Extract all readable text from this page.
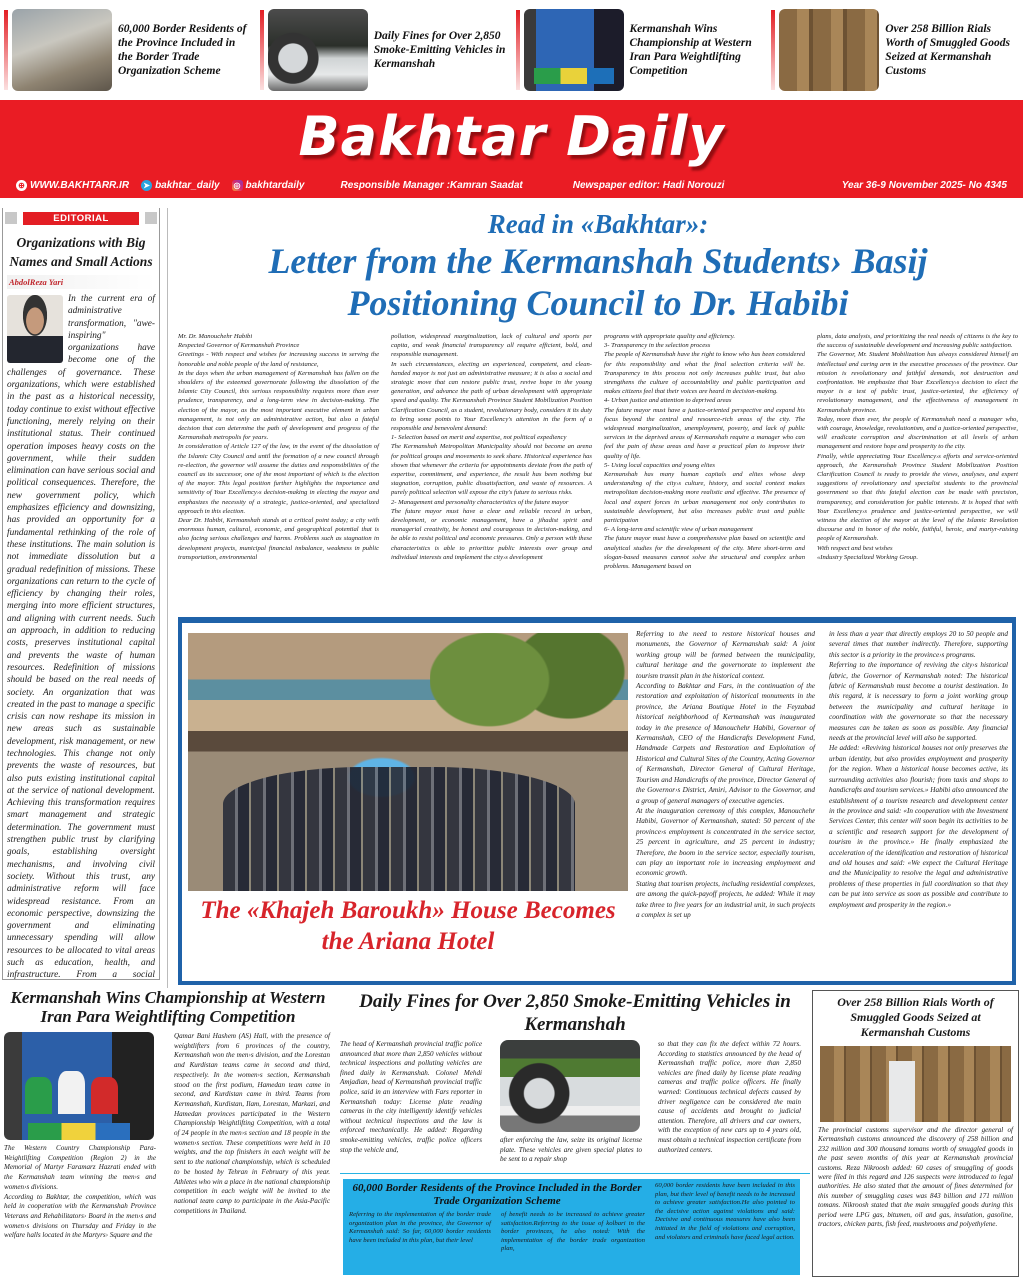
60,000 Border Residents of the Province Included in the Border Trade Organization Scheme
Daily Fines for Over 2,850 Smoke-Emitting Vehicles in Kermanshah
Kermanshah Wins Championship at Western Iran Para Weightlifting Competition
Over 258 Billion Rials Worth of Smuggled Goods Seized at Kermanshah Customs
Bakhtar Daily
⊕ WWW.BAKHTARR.IR ➤ bakhtar_daily ◎ bakhtardaily	Responsible Manager :Kamran Saadat	Newspaper editor: Hadi Norouzi	Year 36-9 November 2025- No 4345
EDITORIAL
Organizations with Big Names and Small Actions
AbdolReza Yari
In the current era of administrative transformation, "awe-inspiring" organizations have become one of the challenges of governance. These organizations, which were established in the past as a historical necessity, today continue to exist without effective functioning, merely relying on their institutional status. Their continued operation imposes heavy costs on the government, while their sudden elimination can have serious social and political consequences. Therefore, the new government policy, which emphasizes efficiency and downsizing, has provided an opportunity for a fundamental rethinking of the role of these institutions. The main solution is not immediate dissolution but a gradual redefinition of missions. These organizations can return to the cycle of efficiency by changing their roles, merging into more efficient structures, and aligning with current needs. Such an approach, in addition to reducing costs, preserves institutional capital and prevents the waste of human resources. Redefinition of missions should be based on the real needs of society. An organization that was created in the past to manage a specific crisis can now reshape its mission in new areas such as sustainable development, risk management, or new technologies. This change not only prevents the waste of resources, but also puts existing institutional capital at the service of national development. Achieving this transformation requires smart management and strategic determination. The government must strengthen public trust by clarifying goals, establishing oversight mechanisms, and involving civil society. Without this trust, any administrative reform will face widespread resistance. From an economic perspective, downsizing the government and eliminating unnecessary spending will allow resources to be allocated to vital areas such as education, health, and infrastructure. From a social
Read in «Bakhtar»:
Letter from the Kermanshah Students› Basij Positioning Council to Dr. Habibi
Mr. Dr. Manouchehr Habibi
Respected Governor of Kermanshah Province
Greetings - With respect and wishes for increasing success in serving the honorable and noble people of the land of resistance,
In the days when the urban management of Kermanshah has fallen on the shoulders of the esteemed governorate following the dissolution of the Islamic City Council, this serious responsibility requires more than ever prudence, transparency, and a long-term view in decision-making. The election of the mayor, as the most important executive element in urban management, is not only an administrative action, but also a fateful decision that can determine the path of development and progress of the Kermanshah metropolis for years.
In consideration of Article 127 of the law, in the event of the dissolution of the Islamic City Council and until the formation of a new council through re-election, the governor will assume the duties and responsibilities of the council as its successor, one of the most important of which is the election of the mayor. This legal position further highlights the importance and sensitivity of Your Excellency›s decision-making in electing the mayor and emphasizes the necessity of a strategic, justice-oriented, and specialized approach in this election.
Dear Dr. Habibi, Kermanshah stands at a critical point today; a city with enormous human, cultural, economic, and geographical potential that is also facing serious challenges and harms. Problems such as stagnation in development projects, municipal financial imbalance, weakness in public transportation, environmental
pollution, widespread marginalization, lack of cultural and sports per capita, and weak financial transparency all require efficient, bold, and responsible management.
In such circumstances, electing an experienced, competent, and clean-handed mayor is not just an administrative measure; it is also a social and strategic move that can restore public trust, revive hope in the young generation, and advance the path of urban development with appropriate speed and quality. The Kermanshah Province Student Mobilization Position Clarification Council, as a student, revolutionary body, considers it its duty to bring some points to Your Excellency's attention in the form of a responsible and benevolent demand:
1- Selection based on merit and expertise, not political expediency
The Kermanshah Metropolitan Municipality should not become an arena for political groups and movements to seek share. Historical experience has shown that whenever the criteria for appointments deviate from the path of expertise, commitment, and experience, the result has been nothing but stagnation, corruption, public dissatisfaction, and waste of resources. A purely political selection will expose the city's future to serious risks.
2- Management and personality characteristics of the future mayor
The future mayor must have a clear and reliable record in urban, development, or economic management, have a jihadist spirit and managerial creativity, be honest and courageous in decision-making, and be able to resist political and economic pressures. Only a person with these characteristics is able to prioritize public interests over group and individual interests and implement the city›s development
programs with appropriate quality and efficiency.
3- Transparency in the selection process
The people of Kermanshah have the right to know who has been considered for this responsibility and what the final selection criteria will be. Transparency in this process not only increases public trust, but also strengthens the culture of accountability and public participation and makes citizens feel that their voices are heard in decision-making.
4- Urban justice and attention to deprived areas
The future mayor must have a justice-oriented perspective and expand his focus beyond the central and resource-rich areas of the city. The widespread marginalization, unemployment, poverty, and lack of public services in the deprived areas of Kermanshah require a manager who can feel the pain of these areas and have a practical plan to improve their quality of life.
5- Using local capacities and young elites
Kermanshah has many human capitals and elites whose deep understanding of the city›s culture, history, and social context makes metropolitan decision-making more realistic and effective. The presence of local and expert forces in urban management not only contributes to sustainable development, but also increases public trust and public participation
6- A long-term and scientific view of urban management
The future mayor must have a comprehensive plan based on scientific and analytical studies for the development of the city. Mere short-term and slogan-based measures cannot solve the structural and complex urban problems. Management based on
plans, data analysis, and prioritizing the real needs of citizens is the key to the success of sustainable development and increasing public satisfaction.
The Governor, Mr. Student Mobilization has always considered himself an intellectual and caring arm in the executive processes of the province. Our mission is revolutionary and faithful demands, not destruction and confrontation. We emphasize that Your Excellency›s decision to elect the mayor is a test of public trust, justice-oriented, the efficiency of revolutionary management, and the effectiveness of management in Kermanshah province.
Today, more than ever, the people of Kermanshah need a manager who, with courage, knowledge, revolutionism, and a justice-oriented perspective, will eradicate corruption and discrimination at all levels of urban management and restore hope and prosperity to the city.
Finally, while appreciating Your Excellency›s efforts and service-oriented approach, the Kermanshah Province Student Mobilization Position Clarification Council is ready to provide the views, analyses, and expert suggestions of revolutionary and specialist students to the provincial government so that this fateful election can be made with precision, transparency, and consideration for public interests. It is hoped that with Your Excellency›s prudence and justice-oriented perspective, we will witness the election of the mayor at the level of the Islamic Revolution discourse and in honor of the noble, faithful, heroic, and martyr-raising people of Kermanshah.
With respect and best wishes
«Industry Specialized Working Group.
The «Khajeh Baroukh» House Becomes the Ariana Hotel
Referring to the need to restore historical houses and monuments, the Governor of Kermanshah said: A joint working group will be formed between the municipality, cultural heritage and the governorate to implement the tourism transit plan in the historical context.
According to Bakhtar and Fars, in the continuation of the restoration and exploitation of historical monuments in the province, the Ariana Boutique Hotel in the Feyzabad historical neighborhood of Kermanshah was inaugurated today in the presence of Manouchehr Habibi, Governor of Kermanshah, CEO of the Handicrafts Development Fund, Handmade Carpets and Restoration and Exploitation of Historical and Cultural Sites of the Country, Acting Governor of Kermanshah, Director General of Cultural Heritage, Tourism and Handicrafts of the province, Director General of the Governor›s District, Amiri, Advisor to the Governor, and a group of general managers of executive agencies.
At the inauguration ceremony of this complex, Manouchehr Habibi, Governor of Kermanshah, stated: 50 percent of the province›s employment is concentrated in the service sector, 25 percent in agriculture, and 25 percent in industry; Therefore, the boom in the service sector, especially tourism, can play an important role in increasing employment and economic growth.
Stating that tourism projects, including residential complexes, are among the quick-payoff projects, he added: While it may take three to five years for an industrial unit, in such projects a complex is set up
in less than a year that directly employs 20 to 50 people and several times that number indirectly. Therefore, supporting this sector is a priority in the province›s programs.
Referring to the importance of reviving the city›s historical fabric, the Governor of Kermanshah noted: The historical fabric of Kermanshah must become a tourist destination. In this regard, it is necessary to form a joint working group between the municipality and cultural heritage in coordination with the governorate so that the necessary measures can be taken as soon as possible. Any financial needs at the provincial level will also be supported.
He added: «Reviving historical houses not only preserves the urban identity, but also provides employment and prosperity for the region. When a historical house becomes active, its surrounding activities also flourish; from taxis and shops to handicrafts and tourism services.» Habibi also announced the establishment of a tourism research and development center in the province and said: «In cooperation with the Investment Services Center, this center will soon begin its activities to be a scientific and research support for the development of tourism in the province.» He finally emphasized the acceleration of the identification and restoration of historical and old houses and said: «We expect the Cultural Heritage and the Municipality to resolve the legal and administrative problems of these properties in full coordination so that they can be put into service as soon as possible and contribute to employment and prosperity in the region.»
Kermanshah Wins Championship at Western Iran Para Weightlifting Competition
The Western Country Championship Para-Weightlifting Competition (Region 2) in the Memorial of Martyr Faramarz Hazrati ended with the Kermanshah team winning the men›s and women›s divisions.
According to Bakhtar, the competition, which was held in cooperation with the Kermanshah Province Veterans and Rehabilitators› Board in the men›s and women›s divisions on Thursday and Friday in the welfare halls located in the Martyrs› Square and the
Qamar Bani Hashem (AS) Hall, with the presence of weightlifters from 6 provinces of the country, Kermanshah won the men›s division, and the Lorestan and Kurdistan teams came in second and third, respectively. In the women›s section, Kermanshah stood on the first podium, Hamedan team came in second, and Kurdistan came in third. Teams from Kermanshah, Kurdistan, Ilam, Lorestan, Markazi, and Hamedan provinces participated in the Western Championship Weightlifting Competition, with a total of 24 people in the men›s section and 18 people in the women›s section. These competitions were held in 10 weights, and the top finishers in each weight will be sent to the national championship, which is scheduled to be hosted by Tehran in February of this year. Athletes who win a place in the national championship competition in each weight will be invited to the national team camp to participate in the Asia-Pacific competitions in Thailand.
Daily Fines for Over 2,850 Smoke-Emitting Vehicles in Kermanshah
The head of Kermanshah provincial traffic police announced that more than 2,850 vehicles without technical inspections and polluting vehicles are fined daily in Kermanshah. Colonel Mehdi Amjadian, head of Kermanshah provincial traffic police, said in an interview with Fars reporter in Kermanshah today: License plate reading cameras in the city intelligently identify vehicles without technical inspections and the law is enforced mechanically. He added: Regarding smoke-emitting vehicles, traffic police officers stop the vehicle and,
after enforcing the law, seize its original license plate. These vehicles are given special plates to be sent to a repair shop
so that they can fix the defect within 72 hours. According to statistics announced by the head of Kermanshah traffic police, more than 2,850 vehicles are fined daily by license plate reading cameras and traffic police officers. He finally warned: Continuous technical defects caused by driver negligence can be considered the main cause of accidents and brought to judicial attention. Therefore, all drivers and car owners, with the exception of new cars up to 4 years old, must obtain a technical inspection certificate from authorized centers.
60,000 Border Residents of the Province Included in the Border Trade Organization Scheme
Referring to the implementation of the border trade organization plan in the province, the Governor of Kermanshah said: So far, 60,000 border residents have been included in this plan, but their level
of benefit needs to be increased to achieve greater satisfaction.Referring to the issue of kolbari in the border provinces, he also noted: With the implementation of the border trade organization plan,
60,000 border residents have been included in this plan, but their level of benefit needs to be increased to achieve greater satisfaction.He also pointed to the decisive action against violations and said: Decisive and continuous measures have also been initiated in the field of violations and corruption, and violators and criminals have faced legal action.
Over 258 Billion Rials Worth of Smuggled Goods Seized at Kermanshah Customs
The provincial customs supervisor and the director general of Kermanshah customs announced the discovery of 258 billion and 232 million and 300 thousand tomans worth of smuggled goods in the past seven months of this year at Kermanshah provincial customs. Reza Nikroosh added: 60 cases of smuggling of goods were filed in this regard and 126 suspects were introduced to legal authorities. He also stated that the amount of fines determined for this number of smuggling cases was 843 billion and 171 million tomans. Nikroosh stated that the main smuggled goods during this period were LPG gas, bitumen, oil and gas, insulation, gasoline, tractors, chicken parts, fish feed, mushrooms and polyethylene.
